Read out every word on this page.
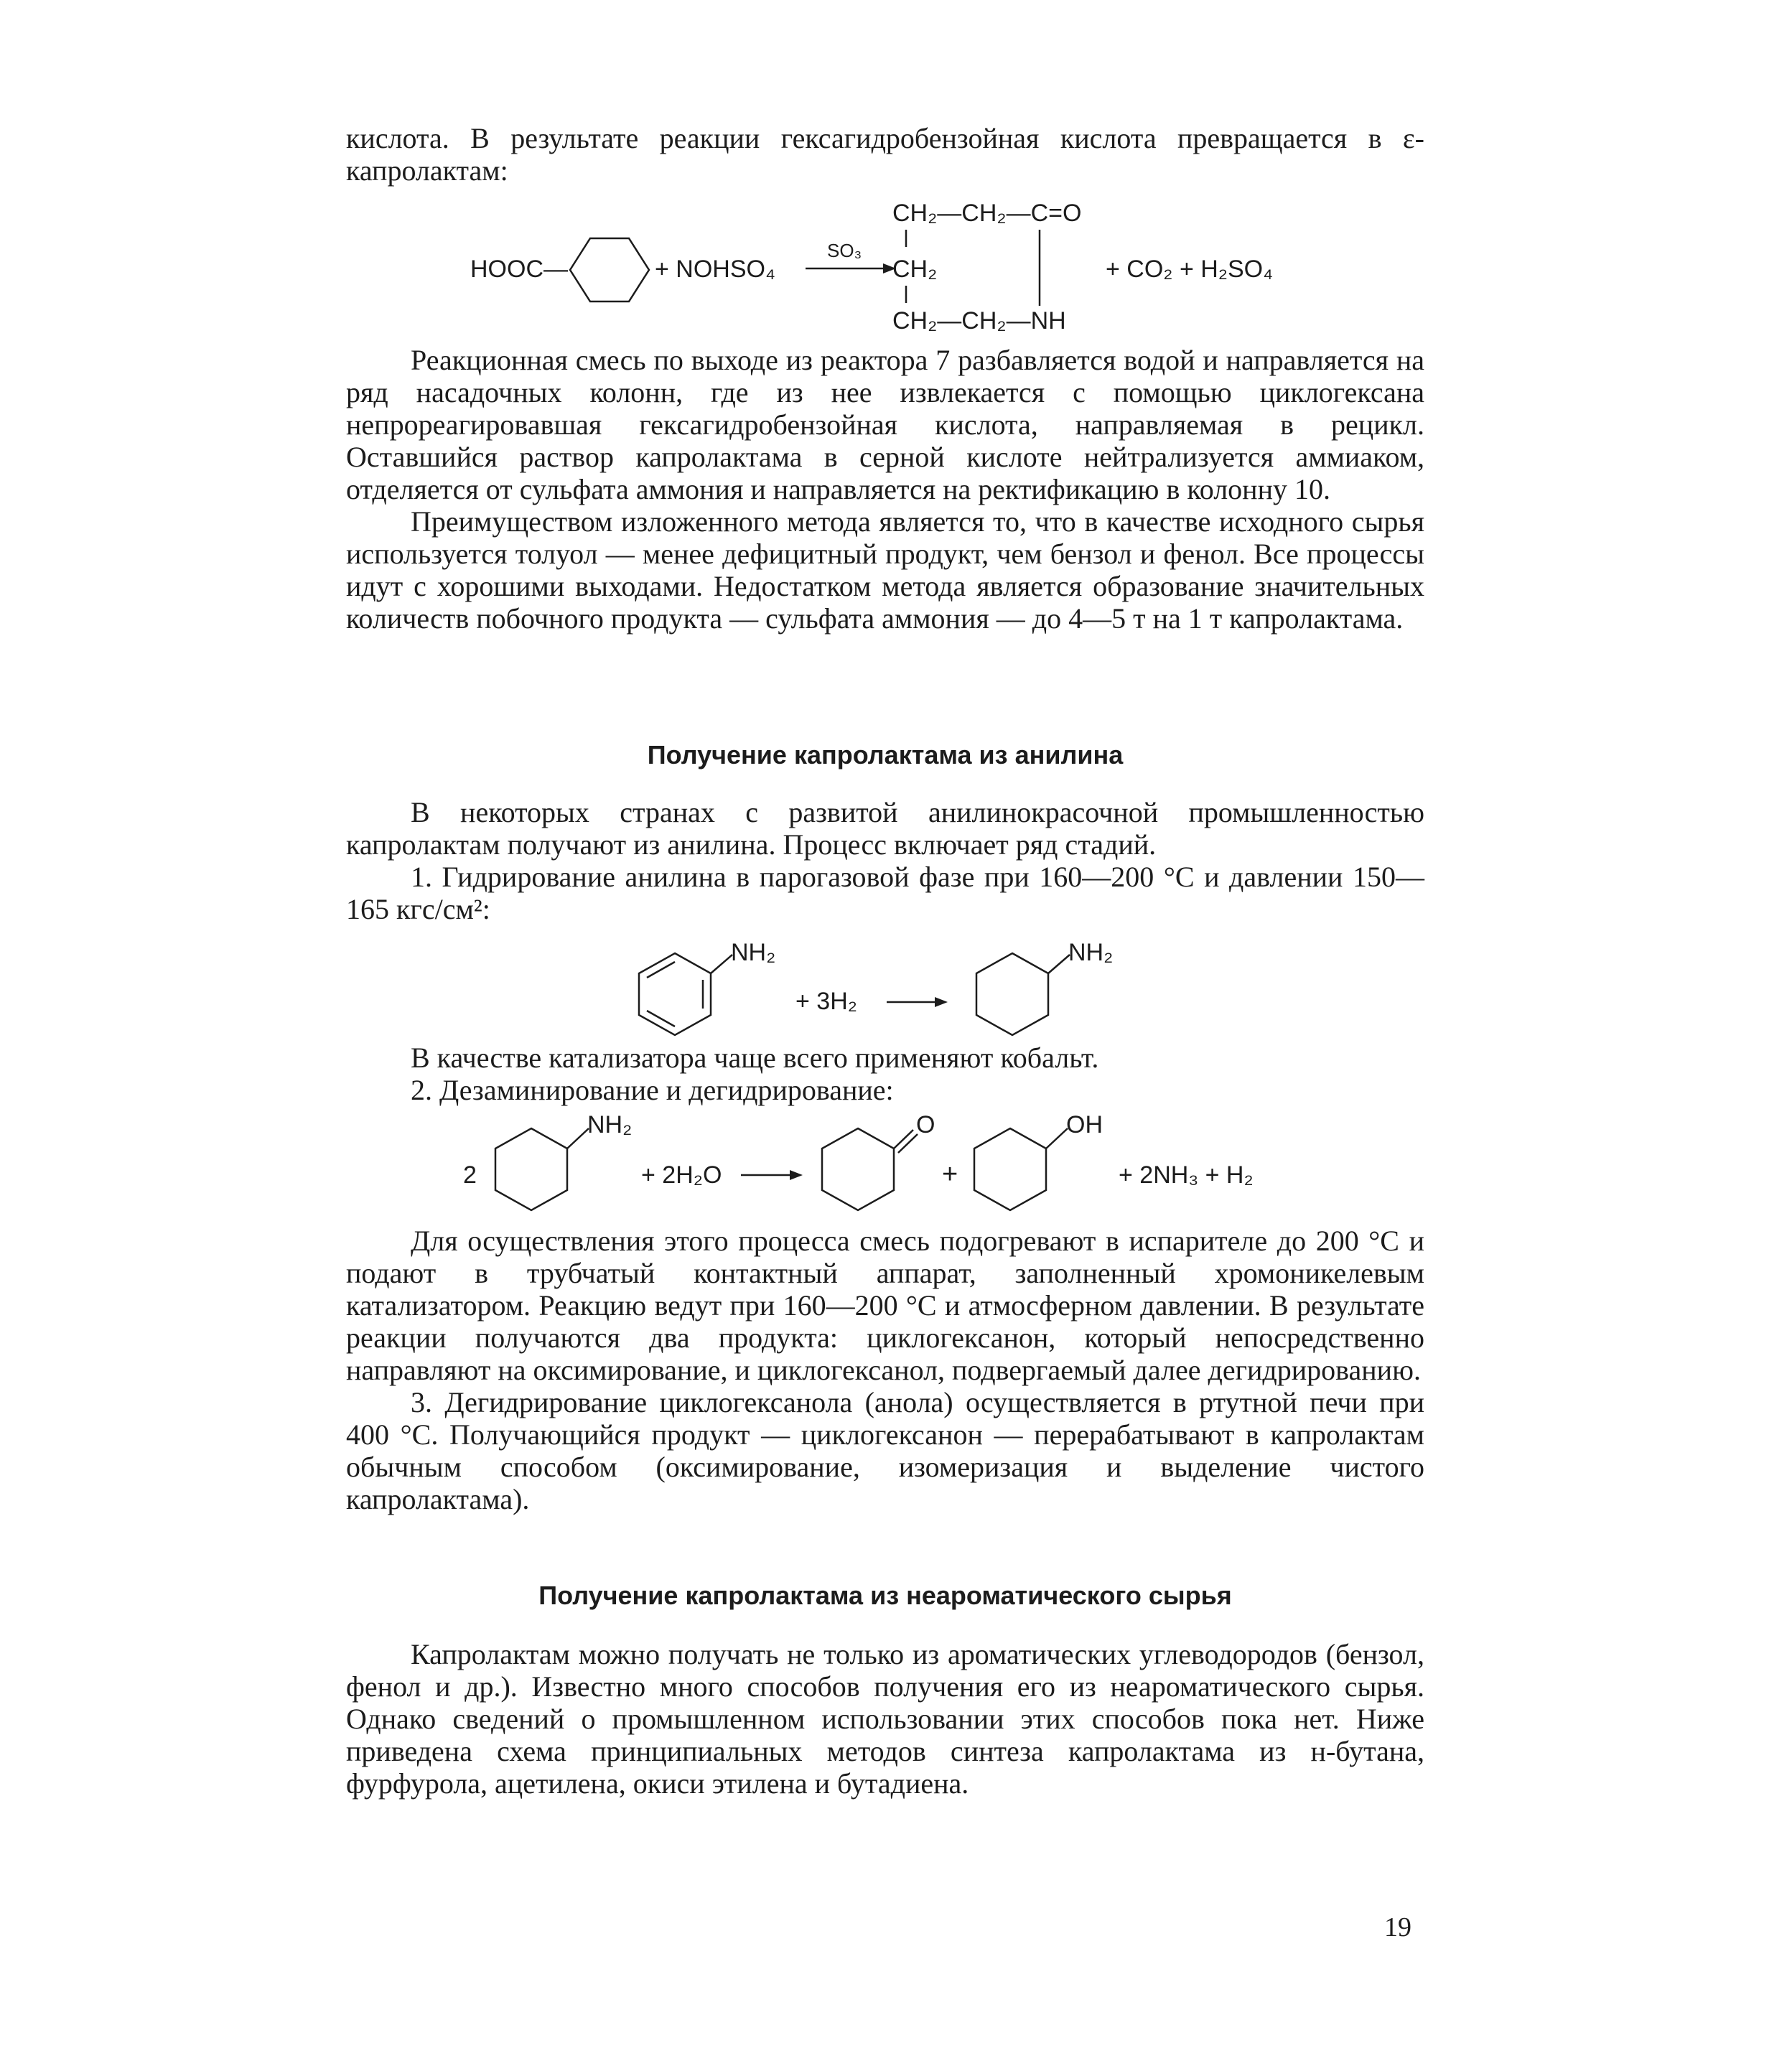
кислота. В результате реакции гексагидробензойная кислота превращается в ε-капролактам:

HOOC—	+ NOHSO₄
SO₃
CH₂—CH₂—C=O
CH₂
CH₂—CH₂—NH
+ CO₂ + H₂SO₄

Реакционная смесь по выходе из реактора 7 разбавляется водой и направляется на ряд насадочных колонн, где из нее извлекается с помощью циклогексана непрореагировавшая гексагидробензойная кислота, направляемая в рецикл. Оставшийся раствор капролактама в серной кислоте нейтрализуется аммиаком, отделяется от сульфата аммония и направляется на ректификацию в колонну 10.

Преимуществом изложенного метода является то, что в качестве исходного сырья используется толуол — менее дефицитный продукт, чем бензол и фенол. Все процессы идут с хорошими выходами. Недостатком метода является образование значительных количеств побочного продукта — сульфата аммония — до 4—5 т на 1 т капролактама.

Получение капролактама из анилина

В некоторых странах с развитой анилинокрасочной промышленностью капролактам получают из анилина. Процесс включает ряд стадий.

1. Гидрирование анилина в парогазовой фазе при 160—200 °С и давлении 150—165 кгс/см²:

NH₂
+ 3H₂
NH₂

В качестве катализатора чаще всего применяют кобальт.

2. Дезаминирование и дегидрирование:

2
NH₂
+ 2H₂O
O
+
OH
+ 2NH₃ + H₂

Для осуществления этого процесса смесь подогревают в испарителе до 200 °С и подают в трубчатый контактный аппарат, заполненный хромоникелевым катализатором. Реакцию ведут при 160—200 °С и атмосферном давлении. В результате реакции получаются два продукта: циклогексанон, который непосредственно направляют на оксимирование, и циклогексанол, подвергаемый далее дегидрированию.

3. Дегидрирование циклогексанола (анола) осуществляется в ртутной печи при 400 °С. Получающийся продукт — циклогексанон — перерабатывают в капролактам обычным способом (оксимирование, изомеризация и выделение чистого капролактама).

Получение капролактама из неароматического сырья

Капролактам можно получать не только из ароматических углеводородов (бензол, фенол и др.). Известно много способов получения его из неароматического сырья. Однако сведений о промышленном использовании этих способов пока нет. Ниже приведена схема принципиальных методов синтеза капролактама из н-бутана, фурфурола, ацетилена, окиси этилена и бутадиена.

19
